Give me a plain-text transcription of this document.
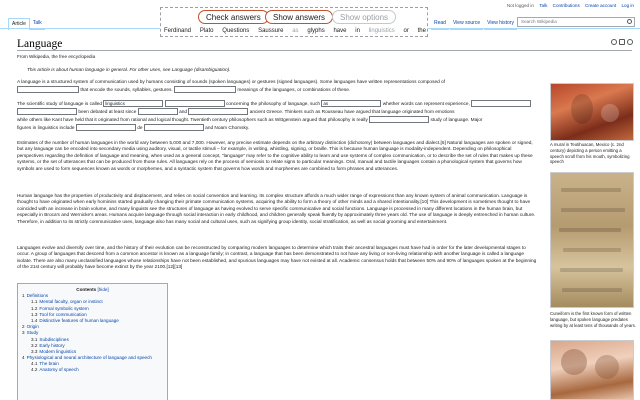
Not logged in Talk Contributions Create account Log in
Article	Talk	Read	View source	View history	Search Wikipedia
Check answers	Show answers	Show options
Ferdinand Plato Questions Saussure as glyphs have in linguistics or the
Language
From Wikipedia, the free encyclopedia

This article is about human language in general. For other uses, see Language (disambiguation).

A language is a structured system of communication used by humans consisting of sounds (spoken languages) or gestures (signed languages). Some languages have written representations composed of
that encode the sounds, syllables, gestures.	meanings of the languages, or combinations of these.

The scientific study of language is called linguistics	concerning the philosophy of language, such as	whether words can represent experience,
been debated at least since	and	ancient Greece. Thinkers such as Rousseau have argued that language originated from emotions
while others like Kant have held that it originated from rational and logical thought. Twentieth century philosophers such as Wittgenstein argued that philosophy is really	study of language. Major
figures in linguistics include	de	and Noam Chomsky.

Estimates of the number of human languages in the world vary between 5,000 and 7,000. However, any precise estimate depends on the arbitrary distinction (dichotomy) between languages and dialect.[6] Natural languages are spoken or signed, but any language can be encoded into secondary media using auditory, visual, or tactile stimuli – for example, in writing, whistling, signing, or braille. This is because human language is modality-independent. Depending on philosophical perspectives regarding the definition of language and meaning, when used as a general concept, "language" may refer to the cognitive ability to learn and use systems of complex communication, or to describe the set of rules that makes up these systems, or the set of utterances that can be produced from those rules. All languages rely on the process of semiosis to relate signs to particular meanings. Oral, manual and tactile languages contain a phonological system that governs how symbols are used to form sequences known as words or morphemes, and a syntactic system that governs how words and morphemes are combined to form phrases and utterances.

Human language has the properties of productivity and displacement, and relies on social convention and learning. Its complex structure affords a much wider range of expressions than any known system of animal communication. Language is thought to have originated when early hominins started gradually changing their primate communication systems, acquiring the ability to form a theory of other minds and a shared intentionality.[10] This development is sometimes thought to have coincided with an increase in brain volume, and many linguists see the structures of language as having evolved to serve specific communicative and social functions. Language is processed in many different locations in the human brain, but especially in Broca's and Wernicke's areas. Humans acquire language through social interaction in early childhood, and children generally speak fluently by approximately three years old. The use of language is deeply entrenched in human culture. Therefore, in addition to its strictly communicative uses, language also has many social and cultural uses, such as signifying group identity, social stratification, as well as social grooming and entertainment.

Languages evolve and diversify over time, and the history of their evolution can be reconstructed by comparing modern languages to determine which traits their ancestral languages must have had in order for the later developmental stages to occur. A group of languages that descend from a common ancestor is known as a language family; in contrast, a language that has been demonstrated to not have any living or non-living relationship with another language is called a language isolate. There are also many unclassified languages whose relationships have not been established, and spurious languages may have not existed at all. Academic consensus holds that between 50% and 90% of languages spoken at the beginning of the 21st century will probably have become extinct by the year 2100.[12][13]

Contents [hide]
1 Definitions
1.1 Mental faculty, organ or instinct
1.2 Formal symbolic system
1.3 Tool for communication
1.4 Distinctive features of human language
2 Origin
3 Study
3.1 Subdisciplines
3.2 Early history
3.3 Modern linguistics
4 Physiological and neural architecture of language and speech
4.1 The brain
4.2 Anatomy of speech
A mural in Teotihuacan, Mexico (c. 2nd century) depicting a person emitting a speech scroll from his mouth, symbolizing speech
Cuneiform is the first known form of written language, but spoken language predates writing by at least tens of thousands of years.
